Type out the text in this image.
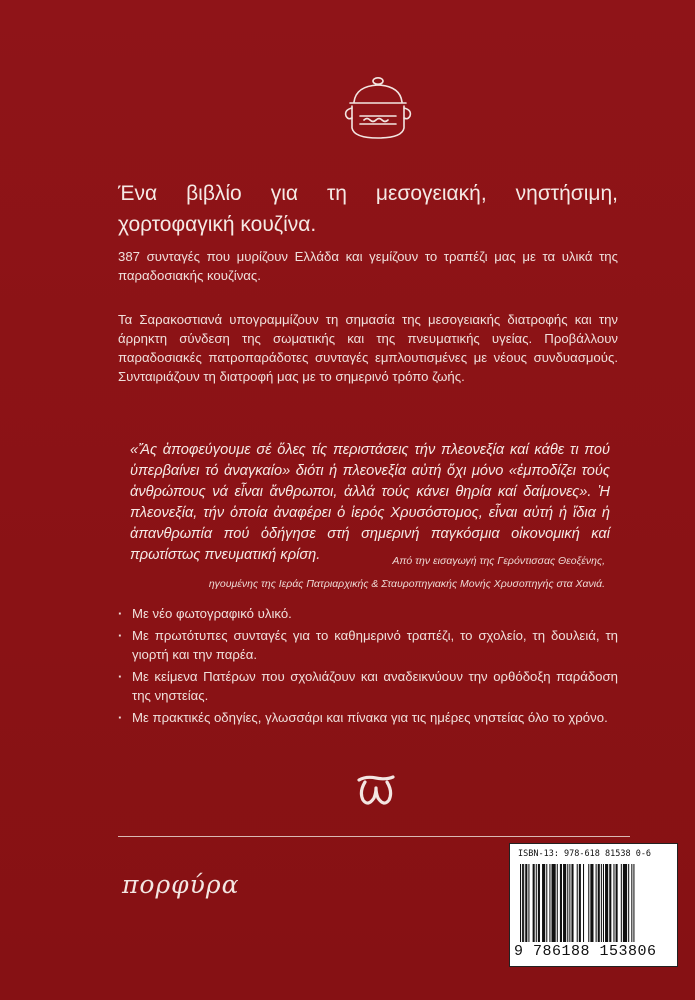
Ένα βιβλίο για τη μεσογειακή, νηστήσιμη, χορτοφαγική κουζίνα.
387 συνταγές που μυρίζουν Ελλάδα και γεμίζουν το τραπέζι μας με τα υλικά της παραδοσιακής κουζίνας.
Τα Σαρακοστιανά υπογραμμίζουν τη σημασία της μεσογειακής διατροφής και την άρρηκτη σύνδεση της σωματικής και της πνευματικής υγείας. Προβάλλουν παραδοσιακές πατροπαράδοτες συνταγές εμπλουτισμένες με νέους συνδυασμούς. Συνταιριάζουν τη διατροφή μας με το σημερινό τρόπο ζωής.
«Ἄς ἀποφεύγουμε σέ ὅλες τίς περιστάσεις τήν πλεονεξία καί κάθε τι πού ὑπερβαίνει τό ἀναγκαίο» διότι ἡ πλεονεξία αὐτή ὄχι μόνο «ἐμποδίζει τούς ἀνθρώπους νά εἶναι ἄνθρωποι, ἀλλά τούς κάνει θηρία καί δαίμονες». Ἡ πλεονεξία, τήν ὁποία ἀναφέρει ὁ ἱερός Χρυσόστομος, εἶναι αὐτή ἡ ἴδια ἡ ἀπανθρωπία πού ὁδήγησε στή σημερινή παγκόσμια οἰκονομική καί πρωτίστως πνευματική κρίση.	Από την εισαγωγή της Γερόντισσας Θεοξένης,
ηγουμένης της Ιεράς Πατριαρχικής & Σταυροπηγιακής Μονής Χρυσοπηγής στα Χανιά.
· Με νέο φωτογραφικό υλικό.
· Με πρωτότυπες συνταγές για το καθημερινό τραπέζι, το σχολείο, τη δουλειά, τη γιορτή και την παρέα.
· Με κείμενα Πατέρων που σχολιάζουν και αναδεικνύουν την ορθόδοξη παράδοση της νηστείας.
· Με πρακτικές οδηγίες, γλωσσάρι και πίνακα για τις ημέρες νηστείας όλο το χρόνο.
πορφύρα
ISBN-13: 978-618 81538 0-6
9 786188 153806
